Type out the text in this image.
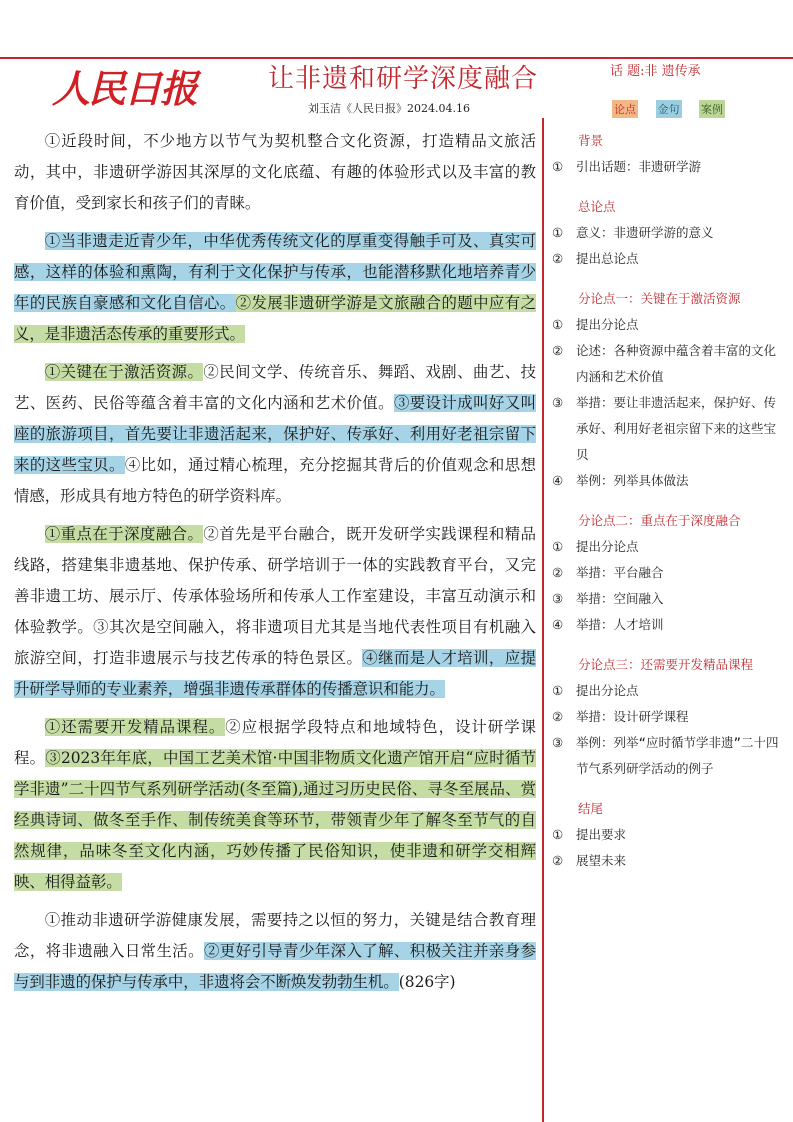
人民日报	让非遗和研学深度融合
刘玉洁《人民日报》2024.04.16
话 题:非 遗传承
论点 金句 案例

①近段时间，不少地方以节气为契机整合文化资源，打造精品文旅活动，其中，非遗研学游因其深厚的文化底蕴、有趣的体验形式以及丰富的教育价值，受到家长和孩子们的青睐。

①当非遗走近青少年，中华优秀传统文化的厚重变得触手可及、真实可感，这样的体验和熏陶，有利于文化保护与传承，也能潜移默化地培养青少年的民族自豪感和文化自信心。②发展非遗研学游是文旅融合的题中应有之义，是非遗活态传承的重要形式。

①关键在于激活资源。②民间文学、传统音乐、舞蹈、戏剧、曲艺、技艺、医药、民俗等蕴含着丰富的文化内涵和艺术价值。③要设计成叫好又叫座的旅游项目，首先要让非遗活起来，保护好、传承好、利用好老祖宗留下来的这些宝贝。④比如，通过精心梳理，充分挖掘其背后的价值观念和思想情感，形成具有地方特色的研学资料库。

①重点在于深度融合。②首先是平台融合，既开发研学实践课程和精品线路，搭建集非遗基地、保护传承、研学培训于一体的实践教育平台，又完善非遗工坊、展示厅、传承体验场所和传承人工作室建设，丰富互动演示和体验教学。③其次是空间融入，将非遗项目尤其是当地代表性项目有机融入旅游空间，打造非遗展示与技艺传承的特色景区。④继而是人才培训，应提升研学导师的专业素养，增强非遗传承群体的传播意识和能力。

①还需要开发精品课程。②应根据学段特点和地域特色，设计研学课程。③2023年年底，中国工艺美术馆·中国非物质文化遗产馆开启“应时循节学非遗”二十四节气系列研学活动(冬至篇),通过习历史民俗、寻冬至展品、赏经典诗词、做冬至手作、制传统美食等环节，带领青少年了解冬至节气的自然规律，品味冬至文化内涵，巧妙传播了民俗知识，使非遗和研学交相辉映、相得益彰。

①推动非遗研学游健康发展，需要持之以恒的努力，关键是结合教育理念，将非遗融入日常生活。②更好引导青少年深入了解、积极关注并亲身参与到非遗的保护与传承中，非遗将会不断焕发勃勃生机。(826字)

背景
①	引出话题：非遗研学游
总论点
①	意义：非遗研学游的意义
②	提出总论点
分论点一：关键在于激活资源
①	提出分论点
②	论述：各种资源中蕴含着丰富的文化内涵和艺术价值
③	举措：要让非遗活起来，保护好、传承好、利用好老祖宗留下来的这些宝贝
④	举例：列举具体做法
分论点二：重点在于深度融合
①	提出分论点
②	举措：平台融合
③	举措：空间融入
④	举措：人才培训
分论点三：还需要开发精品课程
①	提出分论点
②	举措：设计研学课程
③	举例：列举“应时循节学非遗”二十四节气系列研学活动的例子
结尾
①	提出要求
②	展望未来
